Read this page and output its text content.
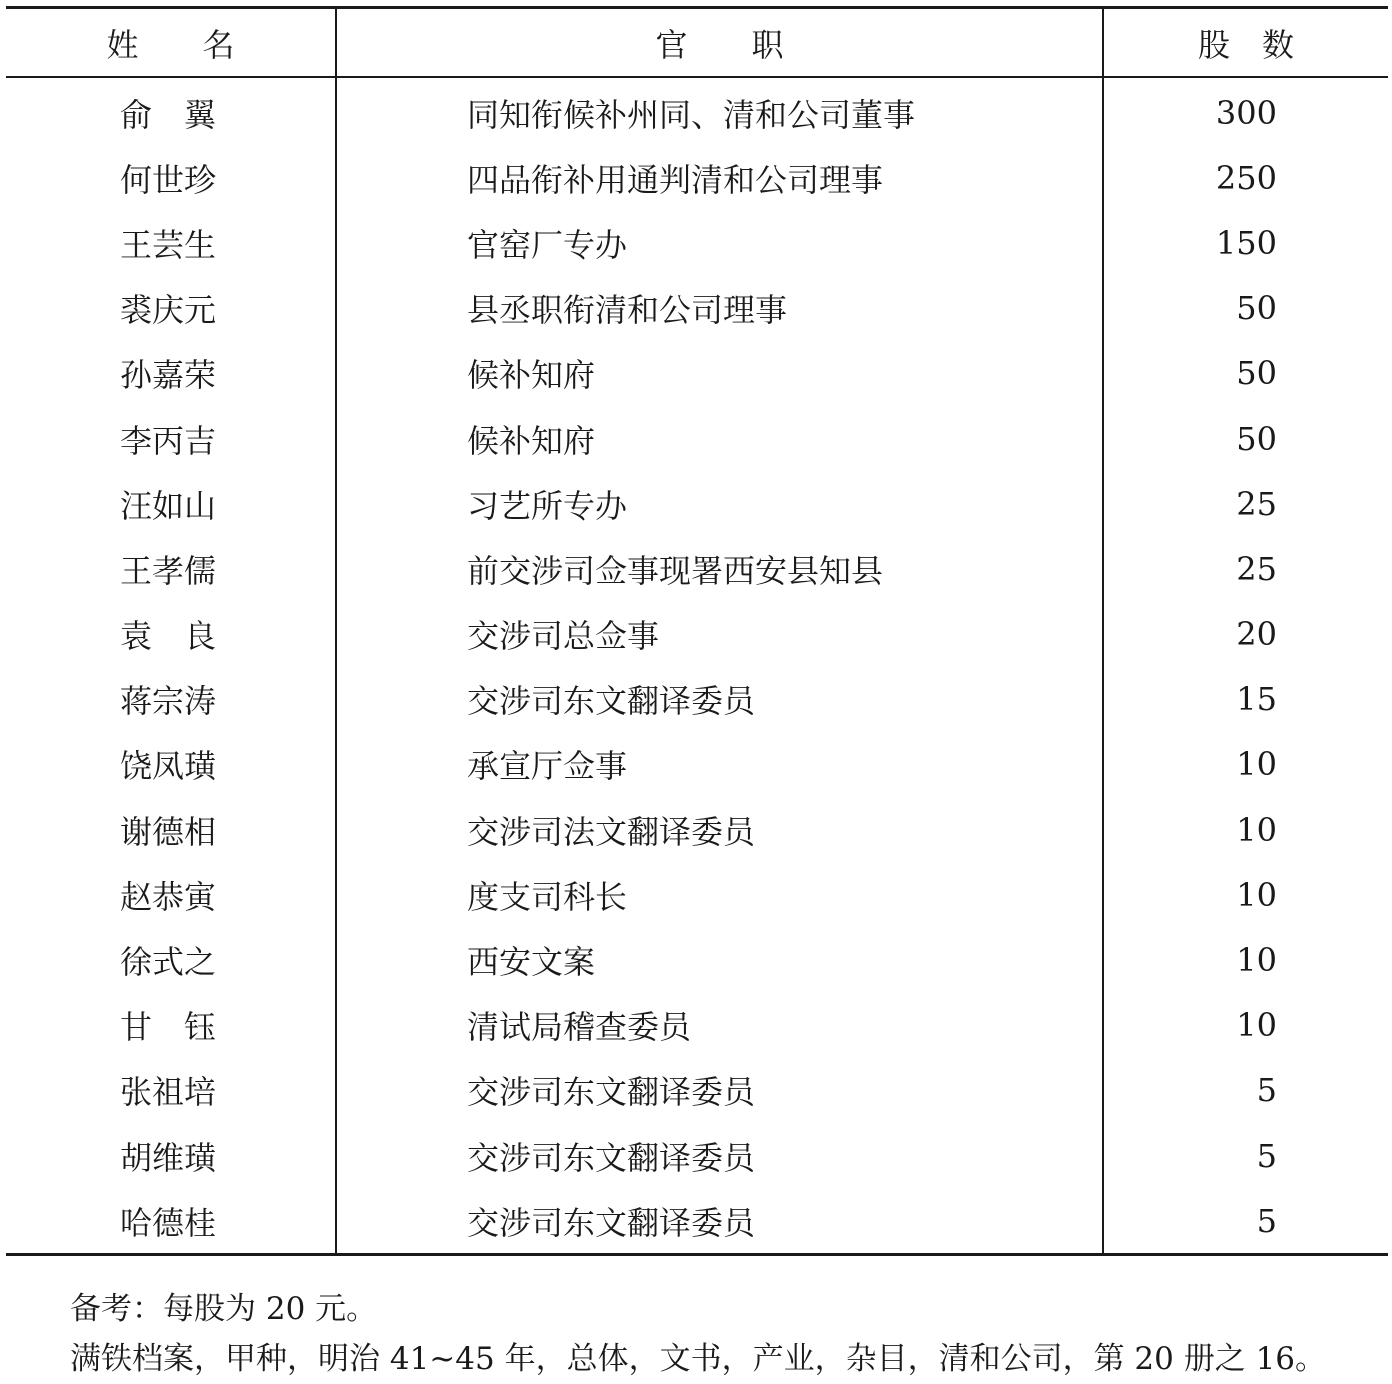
姓　　名	官　　职	股　数
俞　翼	同知衔候补州同、清和公司董事	300
何世珍	四品衔补用通判清和公司理事	250
王芸生	官窑厂专办	150
裘庆元	县丞职衔清和公司理事	50
孙嘉荣	候补知府	50
李丙吉	候补知府	50
汪如山	习艺所专办	25
王孝儒	前交涉司佥事现署西安县知县	25
袁　良	交涉司总佥事	20
蒋宗涛	交涉司东文翻译委员	15
饶凤璜	承宣厅佥事	10
谢德相	交涉司法文翻译委员	10
赵恭寅	度支司科长	10
徐式之	西安文案	10
甘　钰	清试局稽查委员	10
张祖培	交涉司东文翻译委员	5
胡维璜	交涉司东文翻译委员	5
哈德桂	交涉司东文翻译委员	5

备考：每股为 20 元。

满铁档案，甲种，明治 41~45 年，总体，文书，产业，杂目，清和公司，第 20 册之 16。
